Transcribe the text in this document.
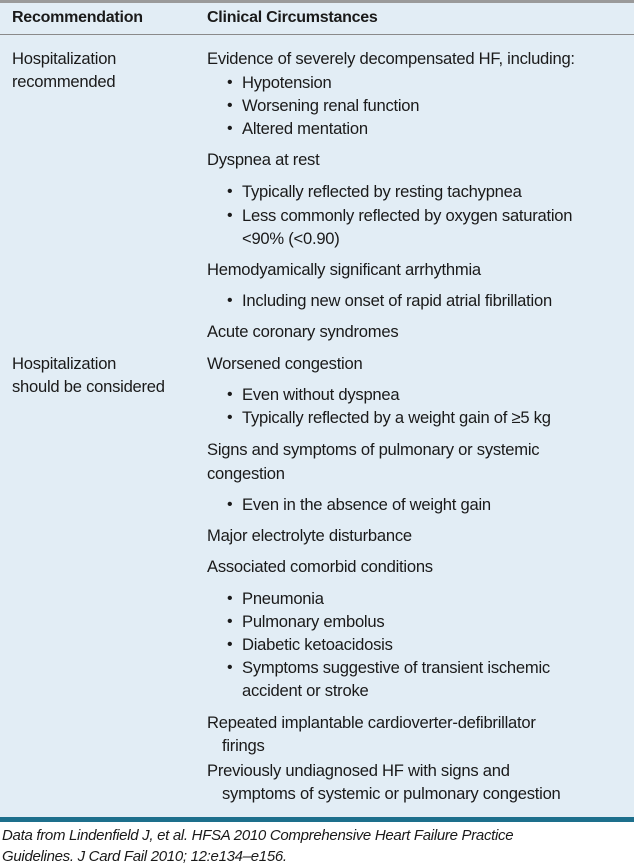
Recommendation	Clinical Circumstances
Hospitalization
recommended
Evidence of severely decompensated HF, including:
• Hypotension
• Worsening renal function
• Altered mentation
Dyspnea at rest
• Typically reflected by resting tachypnea
• Less commonly reflected by oxygen saturation
<90% (<0.90)
Hemodyamically significant arrhythmia
• Including new onset of rapid atrial fibrillation
Acute coronary syndromes
Hospitalization
should be considered
Worsened congestion
• Even without dyspnea
• Typically reflected by a weight gain of ≥5 kg
Signs and symptoms of pulmonary or systemic
congestion
• Even in the absence of weight gain
Major electrolyte disturbance
Associated comorbid conditions
• Pneumonia
• Pulmonary embolus
• Diabetic ketoacidosis
• Symptoms suggestive of transient ischemic
accident or stroke
Repeated implantable cardioverter-defibrillator
firings
Previously undiagnosed HF with signs and
symptoms of systemic or pulmonary congestion
Data from Lindenfield J, et al. HFSA 2010 Comprehensive Heart Failure Practice
Guidelines. J Card Fail 2010; 12:e134–e156.
